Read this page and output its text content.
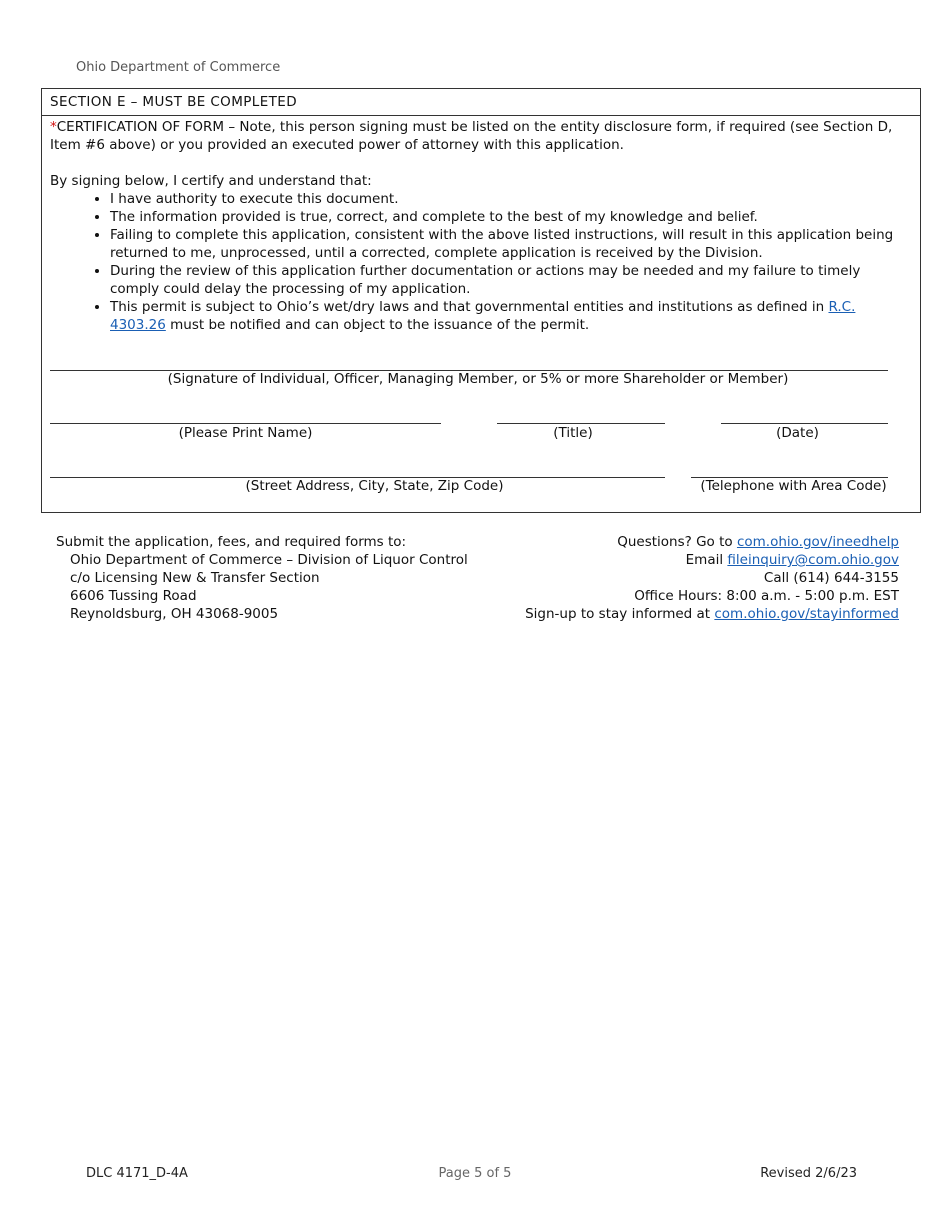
Ohio Department of Commerce
SECTION E – MUST BE COMPLETED

*CERTIFICATION OF FORM – Note, this person signing must be listed on the entity disclosure form, if required (see Section D, Item #6 above) or you provided an executed power of attorney with this application.

By signing below, I certify and understand that:

• I have authority to execute this document.
• The information provided is true, correct, and complete to the best of my knowledge and belief.
• Failing to complete this application, consistent with the above listed instructions, will result in this application being returned to me, unprocessed, until a corrected, complete application is received by the Division.
• During the review of this application further documentation or actions may be needed and my failure to timely comply could delay the processing of my application.
• This permit is subject to Ohio’s wet/dry laws and that governmental entities and institutions as defined in R.C. 4303.26 must be notified and can object to the issuance of the permit.
(Signature of Individual, Officer, Managing Member, or 5% or more Shareholder or Member)
(Please Print Name)	(Title)	(Date)
(Street Address, City, State, Zip Code)	(Telephone with Area Code)
Submit the application, fees, and required forms to:
Ohio Department of Commerce – Division of Liquor Control
c/o Licensing New & Transfer Section
6606 Tussing Road
Reynoldsburg, OH 43068-9005
Questions? Go to com.ohio.gov/ineedhelp
Email fileinquiry@com.ohio.gov
Call (614) 644-3155
Office Hours: 8:00 a.m. - 5:00 p.m. EST
Sign-up to stay informed at com.ohio.gov/stayinformed
DLC 4171_D-4A	Page 5 of 5	Revised 2/6/23
